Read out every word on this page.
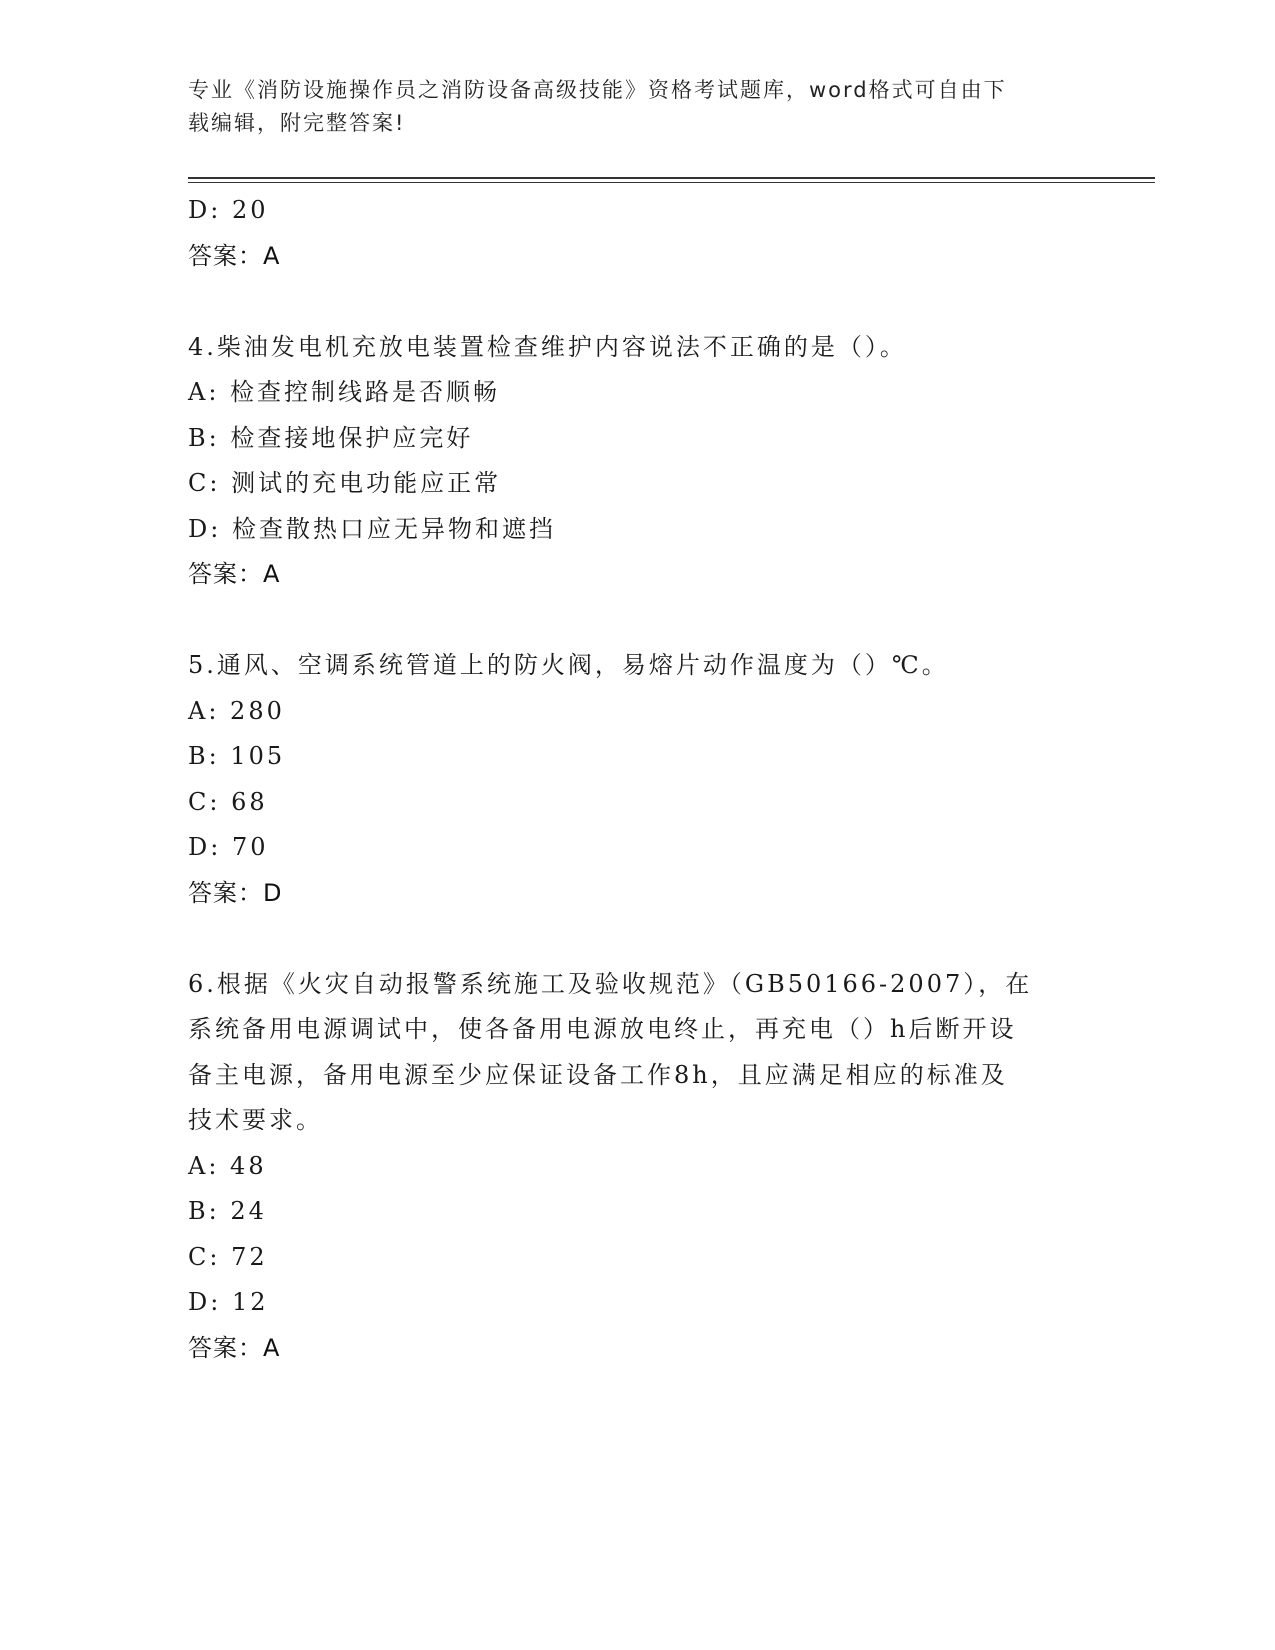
专业《消防设施操作员之消防设备高级技能》资格考试题库，word格式可自由下
载编辑，附完整答案!
D: 20
答案：A
4.柴油发电机充放电装置检查维护内容说法不正确的是（）。
A: 检查控制线路是否顺畅
B: 检查接地保护应完好
C: 测试的充电功能应正常
D: 检查散热口应无异物和遮挡
答案：A
5.通风、空调系统管道上的防火阀，易熔片动作温度为（）℃。
A: 280
B: 105
C: 68
D: 70
答案：D
6.根据《火灾自动报警系统施工及验收规范》（GB50166-2007），在
系统备用电源调试中，使各备用电源放电终止，再充电（）h后断开设
备主电源，备用电源至少应保证设备工作8h，且应满足相应的标准及
技术要求。
A: 48
B: 24
C: 72
D: 12
答案：A
